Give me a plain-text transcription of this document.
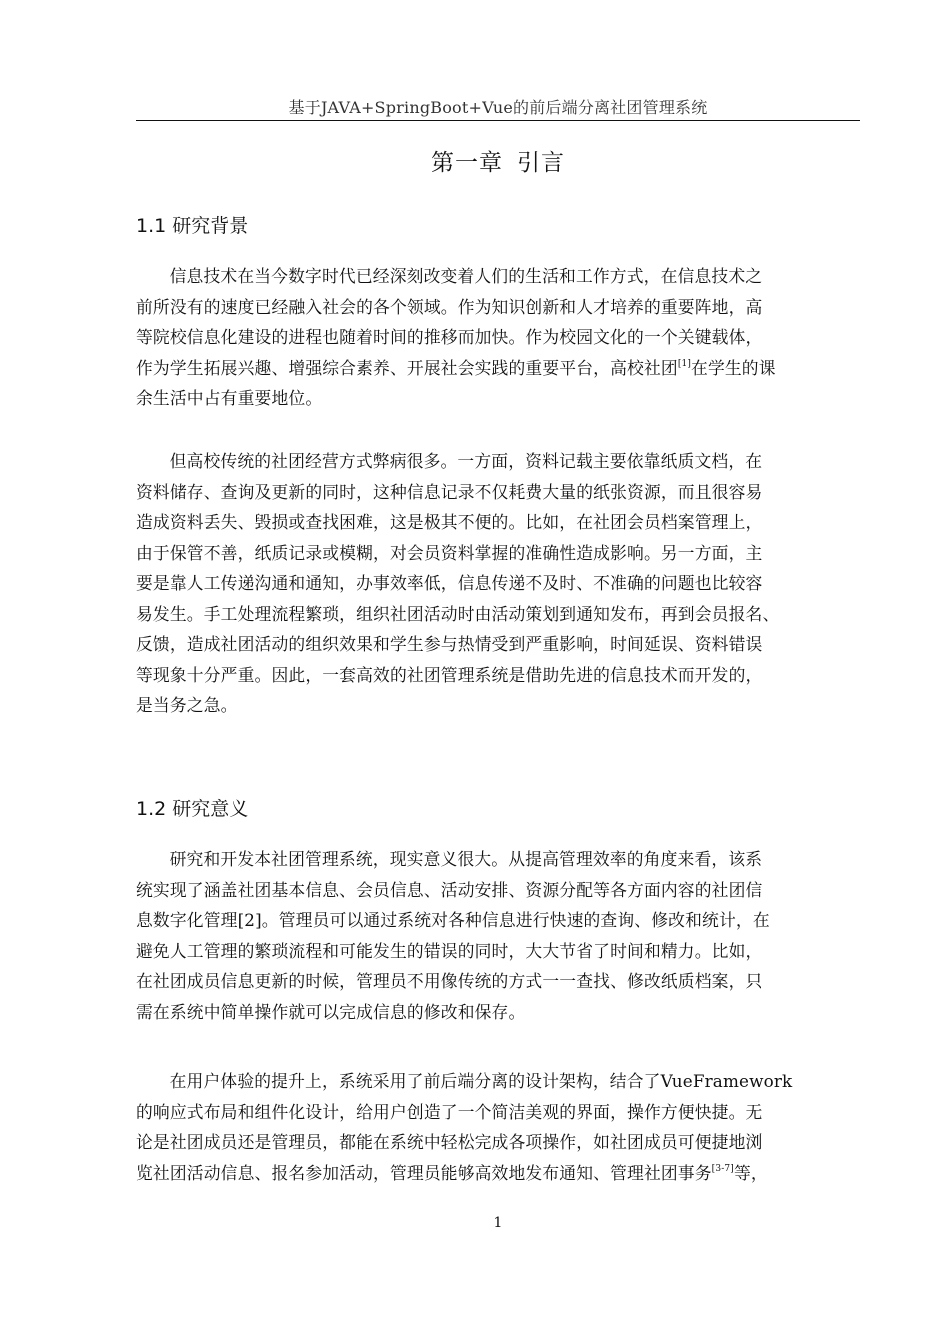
基于JAVA+SpringBoot+Vue的前后端分离社团管理系统
第一章 引言
1.1 研究背景

信息技术在当今数字时代已经深刻改变着人们的生活和工作方式，在信息技术之
前所没有的速度已经融入社会的各个领域。作为知识创新和人才培养的重要阵地，高
等院校信息化建设的进程也随着时间的推移而加快。作为校园文化的一个关键载体，
作为学生拓展兴趣、增强综合素养、开展社会实践的重要平台，高校社团[1]在学生的课
余生活中占有重要地位。

但高校传统的社团经营方式弊病很多。一方面，资料记载主要依靠纸质文档，在
资料储存、查询及更新的同时，这种信息记录不仅耗费大量的纸张资源，而且很容易
造成资料丢失、毁损或查找困难，这是极其不便的。比如，在社团会员档案管理上，
由于保管不善，纸质记录或模糊，对会员资料掌握的准确性造成影响。另一方面，主
要是靠人工传递沟通和通知，办事效率低，信息传递不及时、不准确的问题也比较容
易发生。手工处理流程繁琐，组织社团活动时由活动策划到通知发布，再到会员报名、
反馈，造成社团活动的组织效果和学生参与热情受到严重影响，时间延误、资料错误
等现象十分严重。因此，一套高效的社团管理系统是借助先进的信息技术而开发的，
是当务之急。

1.2 研究意义

研究和开发本社团管理系统，现实意义很大。从提高管理效率的角度来看，该系
统实现了涵盖社团基本信息、会员信息、活动安排、资源分配等各方面内容的社团信
息数字化管理[2]。管理员可以通过系统对各种信息进行快速的查询、修改和统计，在
避免人工管理的繁琐流程和可能发生的错误的同时，大大节省了时间和精力。比如，
在社团成员信息更新的时候，管理员不用像传统的方式一一查找、修改纸质档案，只
需在系统中简单操作就可以完成信息的修改和保存。

在用户体验的提升上，系统采用了前后端分离的设计架构，结合了VueFramework
的响应式布局和组件化设计，给用户创造了一个简洁美观的界面，操作方便快捷。无
论是社团成员还是管理员，都能在系统中轻松完成各项操作，如社团成员可便捷地浏
览社团活动信息、报名参加活动，管理员能够高效地发布通知、管理社团事务[3-7]等，

1
